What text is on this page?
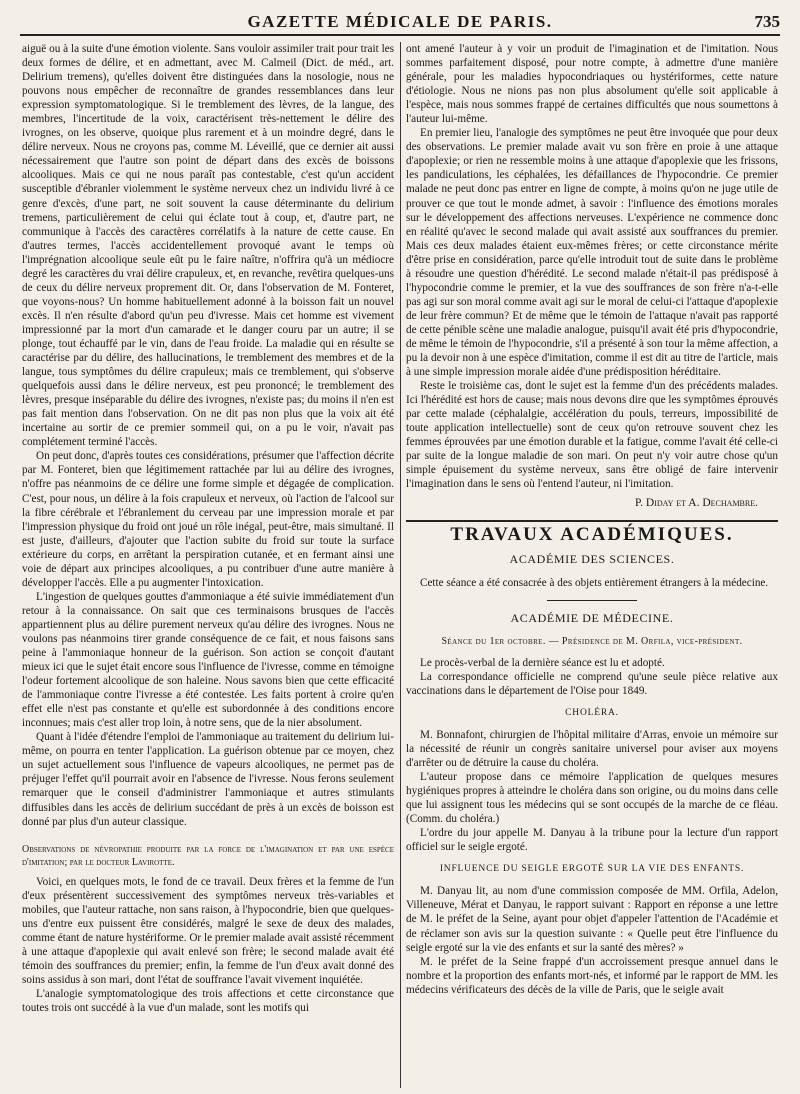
GAZETTE MÉDICALE DE PARIS.	735

aiguë ou à la suite d'une émotion violente. Sans vouloir assimiler trait pour trait les deux formes de délire, et en admettant, avec M. Calmeil (Dict. de méd., art. Delirium tremens), qu'elles doivent être distinguées dans la nosologie, nous ne pouvons nous empêcher de reconnaître de grandes ressemblances dans leur expression symptomatologique. Si le tremblement des lèvres, de la langue, des membres, l'incertitude de la voix, caractérisent très-nettement le délire des ivrognes, on les observe, quoique plus rarement et à un moindre degré, dans le délire nerveux. Nous ne croyons pas, comme M. Léveillé, que ce dernier ait aussi nécessairement que l'autre son point de départ dans des excès de boissons alcooliques. Mais ce qui ne nous paraît pas contestable, c'est qu'un accident susceptible d'ébranler violemment le système nerveux chez un individu livré à ce genre d'excès, d'une part, ne soit souvent la cause déterminante du delirium tremens, particulièrement de celui qui éclate tout à coup, et, d'autre part, ne communique à l'accès des caractères corrélatifs à la nature de cette cause. En d'autres termes, l'accès accidentellement provoqué avant le temps où l'imprégnation alcoolique seule eût pu le faire naître, n'offrira qu'à un médiocre degré les caractères du vrai délire crapuleux, et, en revanche, revêtira quelques-uns de ceux du délire nerveux proprement dit. Or, dans l'observation de M. Fonteret, que voyons-nous? Un homme habituellement adonné à la boisson fait un nouvel excès. Il n'en résulte d'abord qu'un peu d'ivresse. Mais cet homme est vivement impressionné par la mort d'un camarade et le danger couru par un autre; il se plonge, tout échauffé par le vin, dans de l'eau froide. La maladie qui en résulte se caractérise par du délire, des hallucinations, le tremblement des membres et de la langue, tous symptômes du délire crapuleux; mais ce tremblement, qui s'observe quelquefois aussi dans le délire nerveux, est peu prononcé; le tremblement des lèvres, presque inséparable du délire des ivrognes, n'existe pas; du moins il n'en est pas fait mention dans l'observation. On ne dit pas non plus que la voix ait été incertaine au sortir de ce premier sommeil qui, on a pu le voir, n'avait pas complétement terminé l'accès.

On peut donc, d'après toutes ces considérations, présumer que l'affection décrite par M. Fonteret, bien que légitimement rattachée par lui au délire des ivrognes, n'offre pas néanmoins de ce délire une forme simple et dégagée de complication. C'est, pour nous, un délire à la fois crapuleux et nerveux, où l'action de l'alcool sur la fibre cérébrale et l'ébranlement du cerveau par une impression morale et par l'impression physique du froid ont joué un rôle inégal, peut-être, mais simultané. Il est juste, d'ailleurs, d'ajouter que l'action subite du froid sur toute la surface extérieure du corps, en arrêtant la perspiration cutanée, et en fermant ainsi une voie de départ aux principes alcooliques, a pu contribuer d'une autre manière à développer l'accès. Elle a pu augmenter l'intoxication.

L'ingestion de quelques gouttes d'ammoniaque a été suivie immédiatement d'un retour à la connaissance. On sait que ces terminaisons brusques de l'accès appartiennent plus au délire purement nerveux qu'au délire des ivrognes. Nous ne voulons pas néanmoins tirer grande conséquence de ce fait, et nous faisons sans peine à l'ammoniaque honneur de la guérison. Son action se conçoit d'autant mieux ici que le sujet était encore sous l'influence de l'ivresse, comme en témoigne l'odeur fortement alcoolique de son haleine. Nous savons bien que cette efficacité de l'ammoniaque contre l'ivresse a été contestée. Les faits portent à croire qu'en effet elle n'est pas constante et qu'elle est subordonnée à des conditions encore inconnues; mais c'est aller trop loin, à notre sens, que de la nier absolument.

Quant à l'idée d'étendre l'emploi de l'ammoniaque au traitement du delirium lui-même, on pourra en tenter l'application. La guérison obtenue par ce moyen, chez un sujet actuellement sous l'influence de vapeurs alcooliques, ne permet pas de préjuger l'effet qu'il pourrait avoir en l'absence de l'ivresse. Nous ferons seulement remarquer que le conseil d'administrer l'ammoniaque et autres stimulants diffusibles dans les accès de delirium succédant de près à un excès de boisson est donné par plus d'un auteur classique.

Observations de névropathie produite par la force de l'imagination et par une espèce d'imitation; par le docteur Lavirotte.

Voici, en quelques mots, le fond de ce travail. Deux frères et la femme de l'un d'eux présentèrent successivement des symptômes nerveux très-variables et mobiles, que l'auteur rattache, non sans raison, à l'hypocondrie, bien que quelques-uns d'entre eux puissent être considérés, malgré le sexe de deux des malades, comme étant de nature hystériforme. Or le premier malade avait assisté récemment à une attaque d'apoplexie qui avait enlevé son frère; le second malade avait été témoin des souffrances du premier; enfin, la femme de l'un d'eux avait donné des soins assidus à son mari, dont l'état de souffrance l'avait vivement inquiétée.

L'analogie symptomatologique des trois affections et cette circonstance que toutes trois ont succédé à la vue d'un malade, sont les motifs qui

ont amené l'auteur à y voir un produit de l'imagination et de l'imitation. Nous sommes parfaitement disposé, pour notre compte, à admettre d'une manière générale, pour les maladies hypocondriaques ou hystériformes, cette nature d'étiologie. Nous ne nions pas non plus absolument qu'elle soit applicable à l'espèce, mais nous sommes frappé de certaines difficultés que nous soumettons à l'auteur lui-même.

En premier lieu, l'analogie des symptômes ne peut être invoquée que pour deux des observations. Le premier malade avait vu son frère en proie à une attaque d'apoplexie; or rien ne ressemble moins à une attaque d'apoplexie que les frissons, les pandiculations, les céphalées, les défaillances de l'hypocondrie. Ce premier malade ne peut donc pas entrer en ligne de compte, à moins qu'on ne juge utile de prouver ce que tout le monde admet, à savoir : l'influence des émotions morales sur le développement des affections nerveuses. L'expérience ne commence donc en réalité qu'avec le second malade qui avait assisté aux souffrances du premier. Mais ces deux malades étaient eux-mêmes frères; or cette circonstance mérite d'être prise en considération, parce qu'elle introduit tout de suite dans le problème à résoudre une question d'hérédité. Le second malade n'était-il pas prédisposé à l'hypocondrie comme le premier, et la vue des souffrances de son frère n'a-t-elle pas agi sur son moral comme avait agi sur le moral de celui-ci l'attaque d'apoplexie de leur frère commun? Et de même que le témoin de l'attaque n'avait pas rapporté de cette pénible scène une maladie analogue, puisqu'il avait été pris d'hypocondrie, de même le témoin de l'hypocondrie, s'il a présenté à son tour la même affection, a pu la devoir non à une espèce d'imitation, comme il est dit au titre de l'article, mais à une simple impression morale aidée d'une prédisposition héréditaire.

Reste le troisième cas, dont le sujet est la femme d'un des précédents malades. Ici l'hérédité est hors de cause; mais nous devons dire que les symptômes éprouvés par cette malade (céphalalgie, accélération du pouls, terreurs, impossibilité de toute application intellectuelle) sont de ceux qu'on retrouve souvent chez les femmes éprouvées par une émotion durable et la fatigue, comme l'avait été celle-ci par suite de la longue maladie de son mari. On peut n'y voir autre chose qu'un simple épuisement du système nerveux, sans être obligé de faire intervenir l'imagination dans le sens où l'entend l'auteur, ni l'imitation.

P. Diday et A. Dechambre.
TRAVAUX ACADÉMIQUES.
ACADÉMIE DES SCIENCES.

Cette séance a été consacrée à des objets entièrement étrangers à la médecine.

ACADÉMIE DE MÉDECINE.
Séance du 1er octobre. — Présidence de M. Orfila, vice-président.

Le procès-verbal de la dernière séance est lu et adopté.

La correspondance officielle ne comprend qu'une seule pièce relative aux vaccinations dans le département de l'Oise pour 1849.

CHOLÉRA.

M. Bonnafont, chirurgien de l'hôpital militaire d'Arras, envoie un mémoire sur la nécessité de réunir un congrès sanitaire universel pour aviser aux moyens d'arrêter ou de détruire la cause du choléra.

L'auteur propose dans ce mémoire l'application de quelques mesures hygiéniques propres à atteindre le choléra dans son origine, ou du moins dans celle que lui assignent tous les médecins qui se sont occupés de la marche de ce fléau. (Comm. du choléra.)

L'ordre du jour appelle M. Danyau à la tribune pour la lecture d'un rapport officiel sur le seigle ergoté.

INFLUENCE DU SEIGLE ERGOTÉ SUR LA VIE DES ENFANTS.

M. Danyau lit, au nom d'une commission composée de MM. Orfila, Adelon, Villeneuve, Mérat et Danyau, le rapport suivant : Rapport en réponse a une lettre de M. le préfet de la Seine, ayant pour objet d'appeler l'attention de l'Académie et de réclamer son avis sur la question suivante : « Quelle peut être l'influence du seigle ergoté sur la vie des enfants et sur la santé des mères? »

M. le préfet de la Seine frappé d'un accroissement presque annuel dans le nombre et la proportion des enfants mort-nés, et informé par le rapport de MM. les médecins vérificateurs des décès de la ville de Paris, que le seigle avait
